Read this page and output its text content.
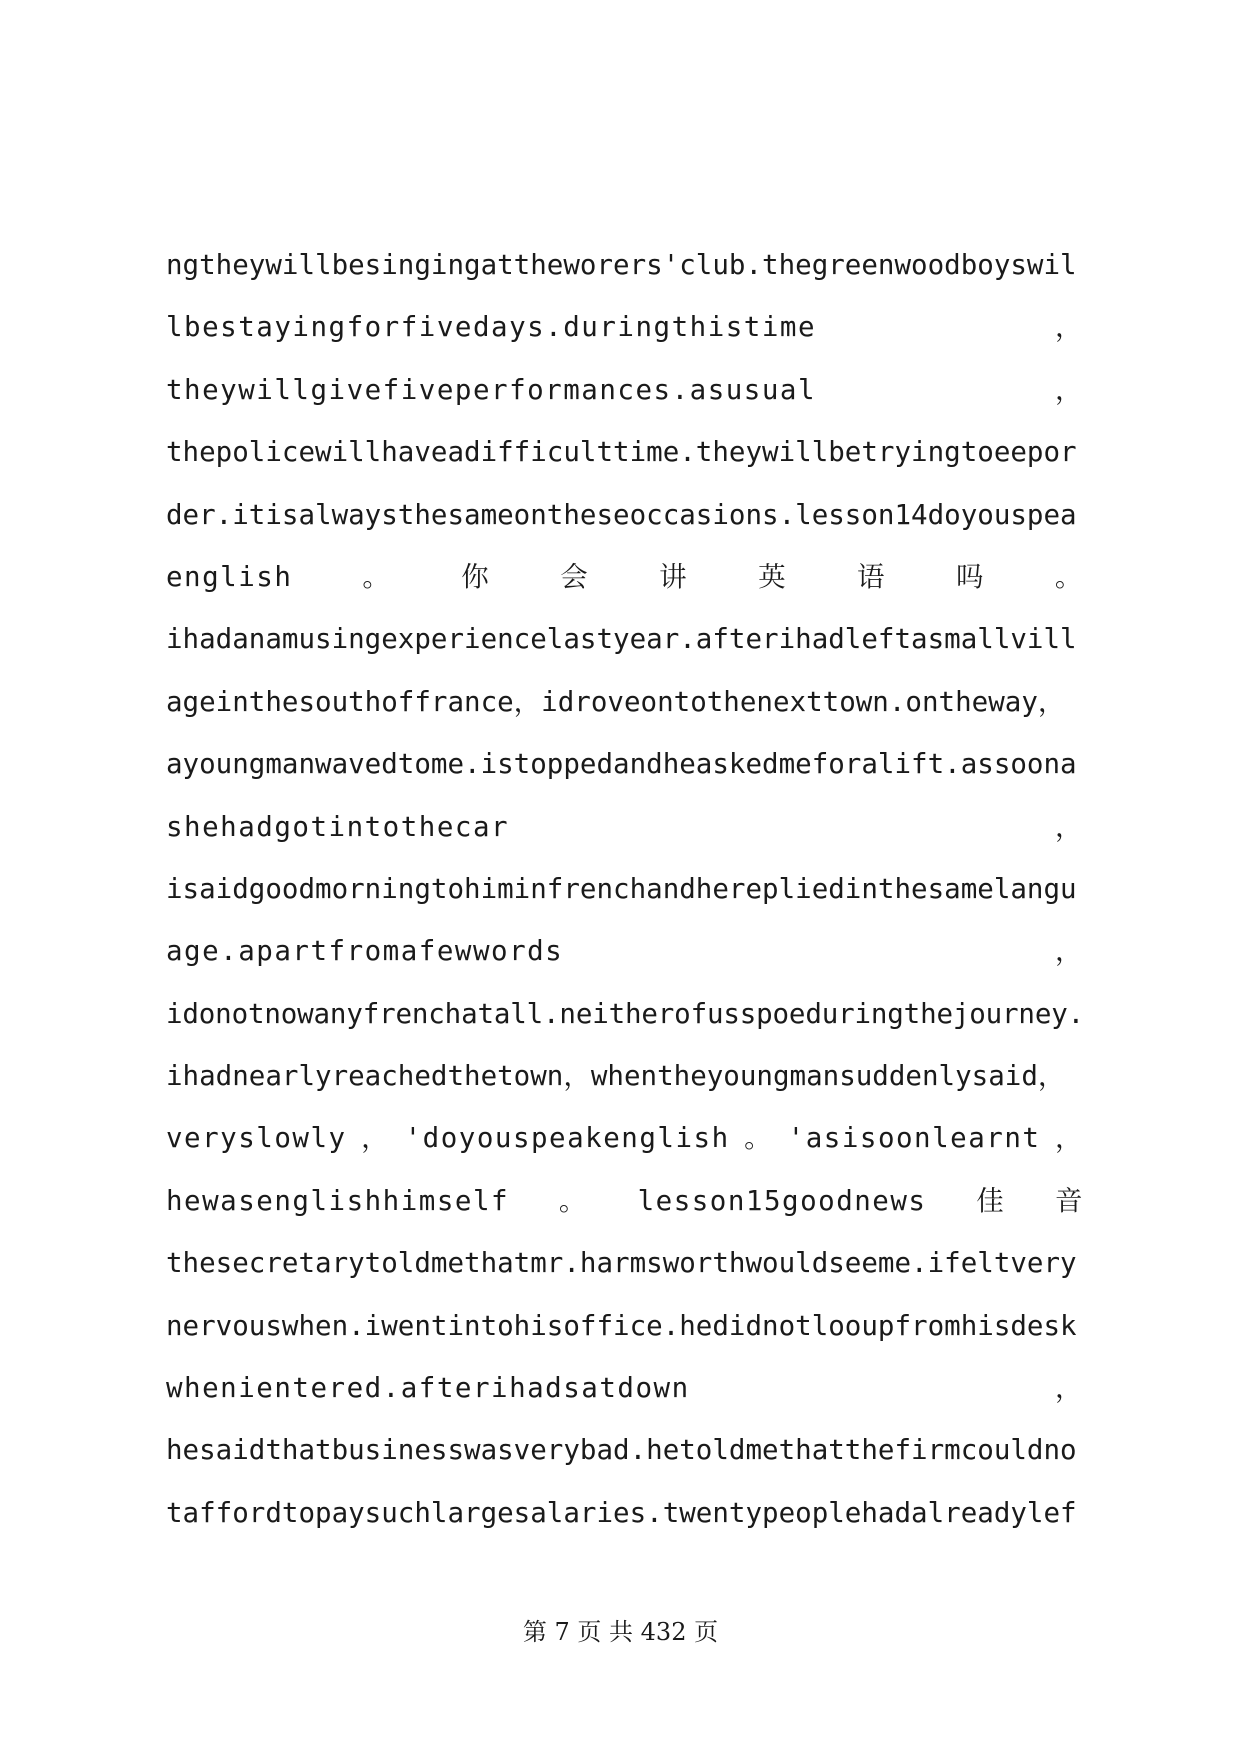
ngtheywillbesingingattheworers'club.thegreenwoodboyswil
lbestayingforfivedays.duringthistime	，
theywillgivefiveperformances.asusual	，
thepolicewillhaveadifficulttime.theywillbetryingtoeepor
der.itisalwaysthesameontheseoccasions.lesson14doyouspea
english	。	你	会	讲	英	语	吗	。
ihadanamusingexperiencelastyear.afterihadleftasmallvill
ageinthesouthoffrance，idroveontothenexttown.ontheway，
ayoungmanwavedtome.istoppedandheaskedmeforalift.assoona
shehadgotintothecar	，
isaidgoodmorningtohiminfrenchandherepliedinthesamelangu
age.apartfromafewwords	，
idonotnowanyfrenchatall.neitherofusspoeduringthejourney.
ihadnearlyreachedthetown，whentheyoungmansuddenlysaid，
veryslowly ， 'doyouspeakenglish 。 'asisoonlearnt ，
hewasenglishhimself 。 lesson15goodnews 佳 音
thesecretarytoldmethatmr.harmsworthwouldseeme.ifeltvery
nervouswhen.iwentintohisoffice.hedidnotlooupfromhisdesk
whenientered.afterihadsatdown	，
hesaidthatbusinesswasverybad.hetoldmethatthefirmcouldno
taffordtopaysuchlargesalaries.twentypeoplehadalreadylef
第 7 页 共 432 页
